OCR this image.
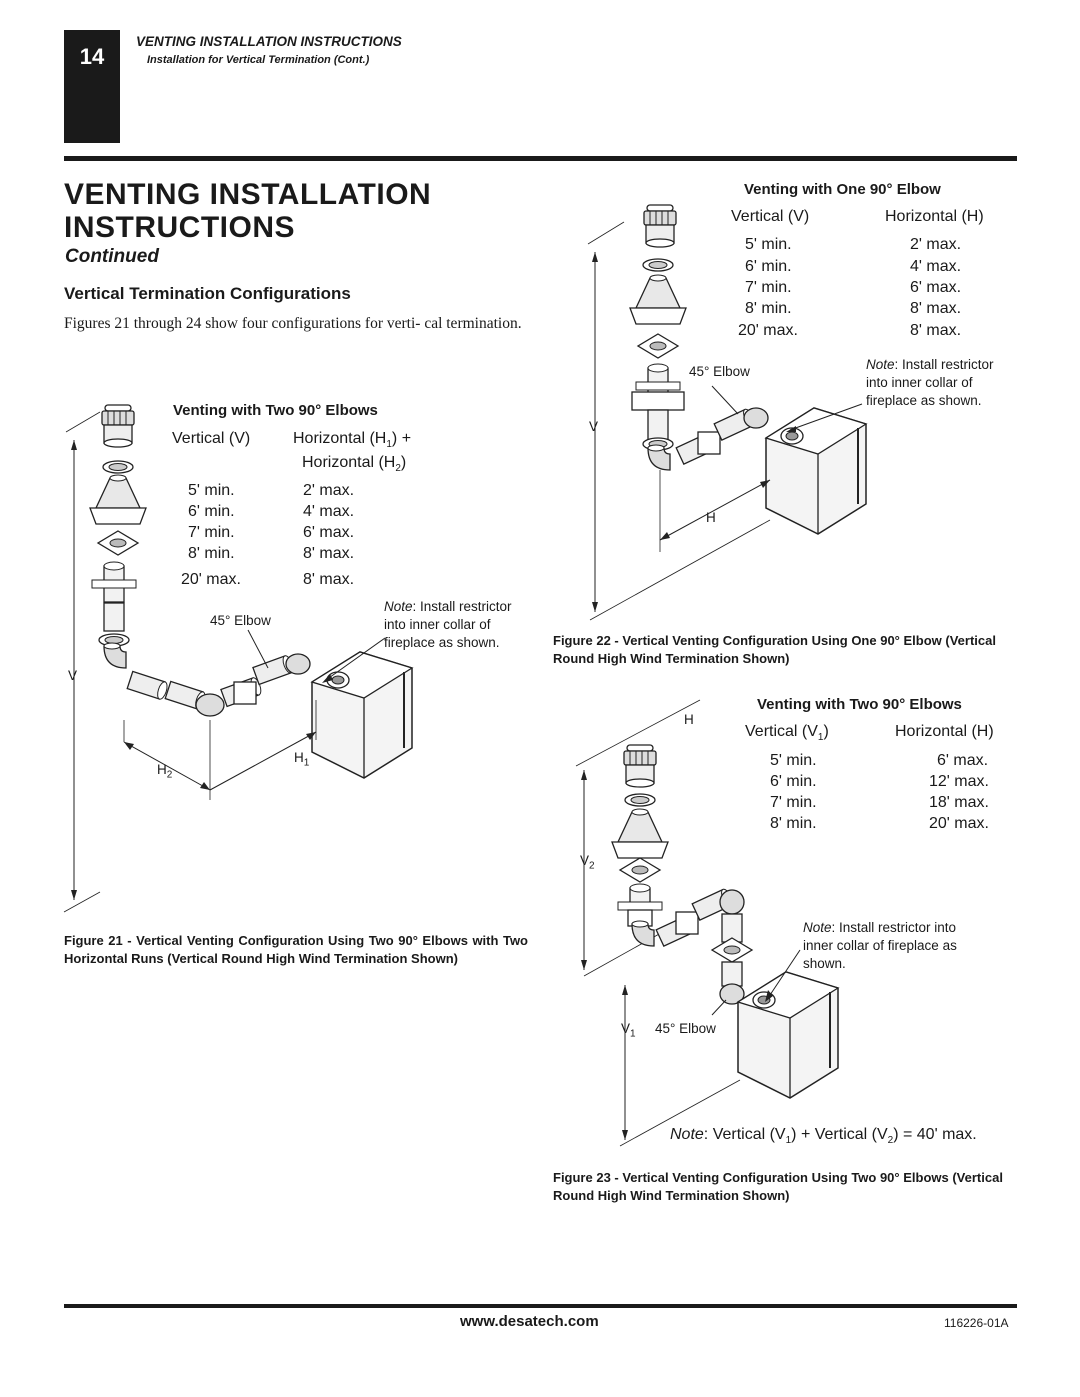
14
VENTING INSTALLATION INSTRUCTIONS
Installation for Vertical Termination (Cont.)
VENTING INSTALLATION INSTRUCTIONS
Continued
Vertical Termination Configurations
Figures 21 through 24 show four configurations for verti- cal termination.
Venting with Two 90° Elbows
Vertical (V)	Horizontal $(H_1)$ +
Horizontal $(H_2)$
5' min.	2' max.
6' min.	4' max.
7' min.	6' max.
8' min.	8' max.
20' max.	8' max.
45° Elbow
Note: Install restrictor into inner collar of fireplace as shown.
V
$H_1$
$H_2$
Figure 21 - Vertical Venting Configuration Using Two 90° Elbows with Two Horizontal Runs (Vertical Round High Wind Termination Shown)
Venting with One 90° Elbow
Vertical (V)	Horizontal (H)
5' min.	2' max.
6' min.	4' max.
7' min.	6' max.
8' min.	8' max.
20' max.	8' max.
45° Elbow	Note: Install restrictor into inner collar of fireplace as shown.
V
H
Figure 22 - Vertical Venting Configuration Using One 90° Elbow (Vertical Round High Wind Termination Shown)
Venting with Two 90° Elbows
Vertical $(V_1)$	Horizontal (H)
5' min.	6' max.
6' min.	12' max.
7' min.	18' max.
8' min.	20' max.
Note: Install restrictor into inner collar of fireplace as shown.
45° Elbow
H
$V_2$
$V_1$
Note: Vertical $(V_1)$ + Vertical $(V_2) = 40'$ max.
Figure 23 - Vertical Venting Configuration Using Two 90° Elbows (Vertical Round High Wind Termination Shown)
www.desatech.com	116226-01A
